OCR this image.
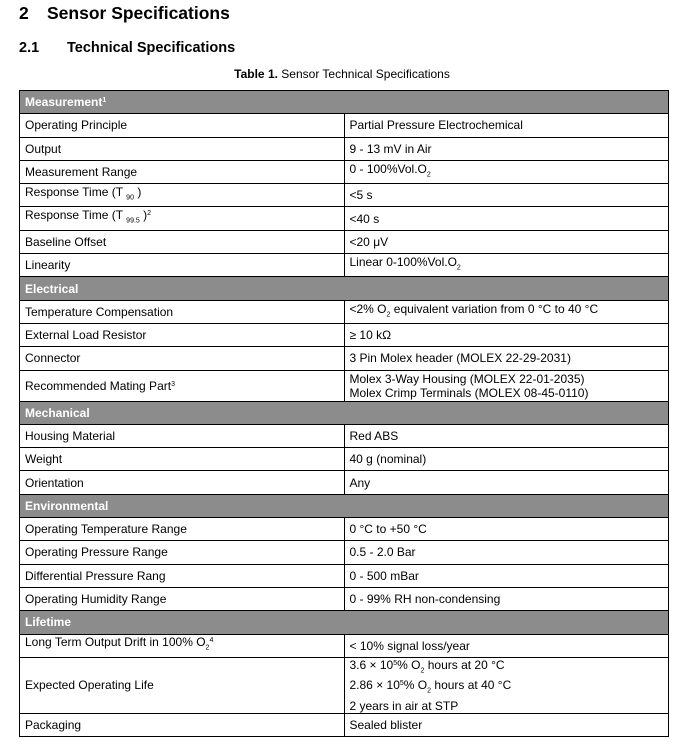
2 Sensor Specifications
2.1 Technical Specifications
Table 1. Sensor Technical Specifications
Measurement$^1$
Operating Principle	Partial Pressure Electrochemical
Output	9 - 13 mV in Air
Measurement Range	$0 - 100\%Vol.O_2$
Response Time (T $_{90}$ )	<5 s
Response Time (T $_{99.5}$ )$^2$	<40 s
Baseline Offset	<20 μV
Linearity	Linear $0-100\%Vol.O_2$
Electrical	
Temperature Compensation	<2% $O_2$ equivalent variation from 0 °C to 40 °C
External Load Resistor	≥ 10 kΩ
Connector	3 Pin Molex header (MOLEX 22-29-2031)
Recommended Mating Part$^3$	Molex 3-Way Housing (MOLEX 22-01-2035)
Molex Crimp Terminals (MOLEX 08-45-0110)

Mechanical	
Housing Material	Red ABS
Weight	40 g (nominal)
Orientation	Any
Environmental	
Operating Temperature Range	0 °C to +50 °C
Operating Pressure Range	0.5 - 2.0 Bar
Differential Pressure Rang	0 - 500 mBar
Operating Humidity Range	0 - 99% RH non-condensing
Lifetime	
Long Term Output Drift in 100% $O_2^4$	< 10% signal loss/year
Expected Operating Life	$3.6 \times 10^5\%$ $O_2$ hours at 20 °C
$2.86 \times 10^5\%$ $O_2$ hours at 40 °C
2 years in air at STP

Packaging	Sealed blister
